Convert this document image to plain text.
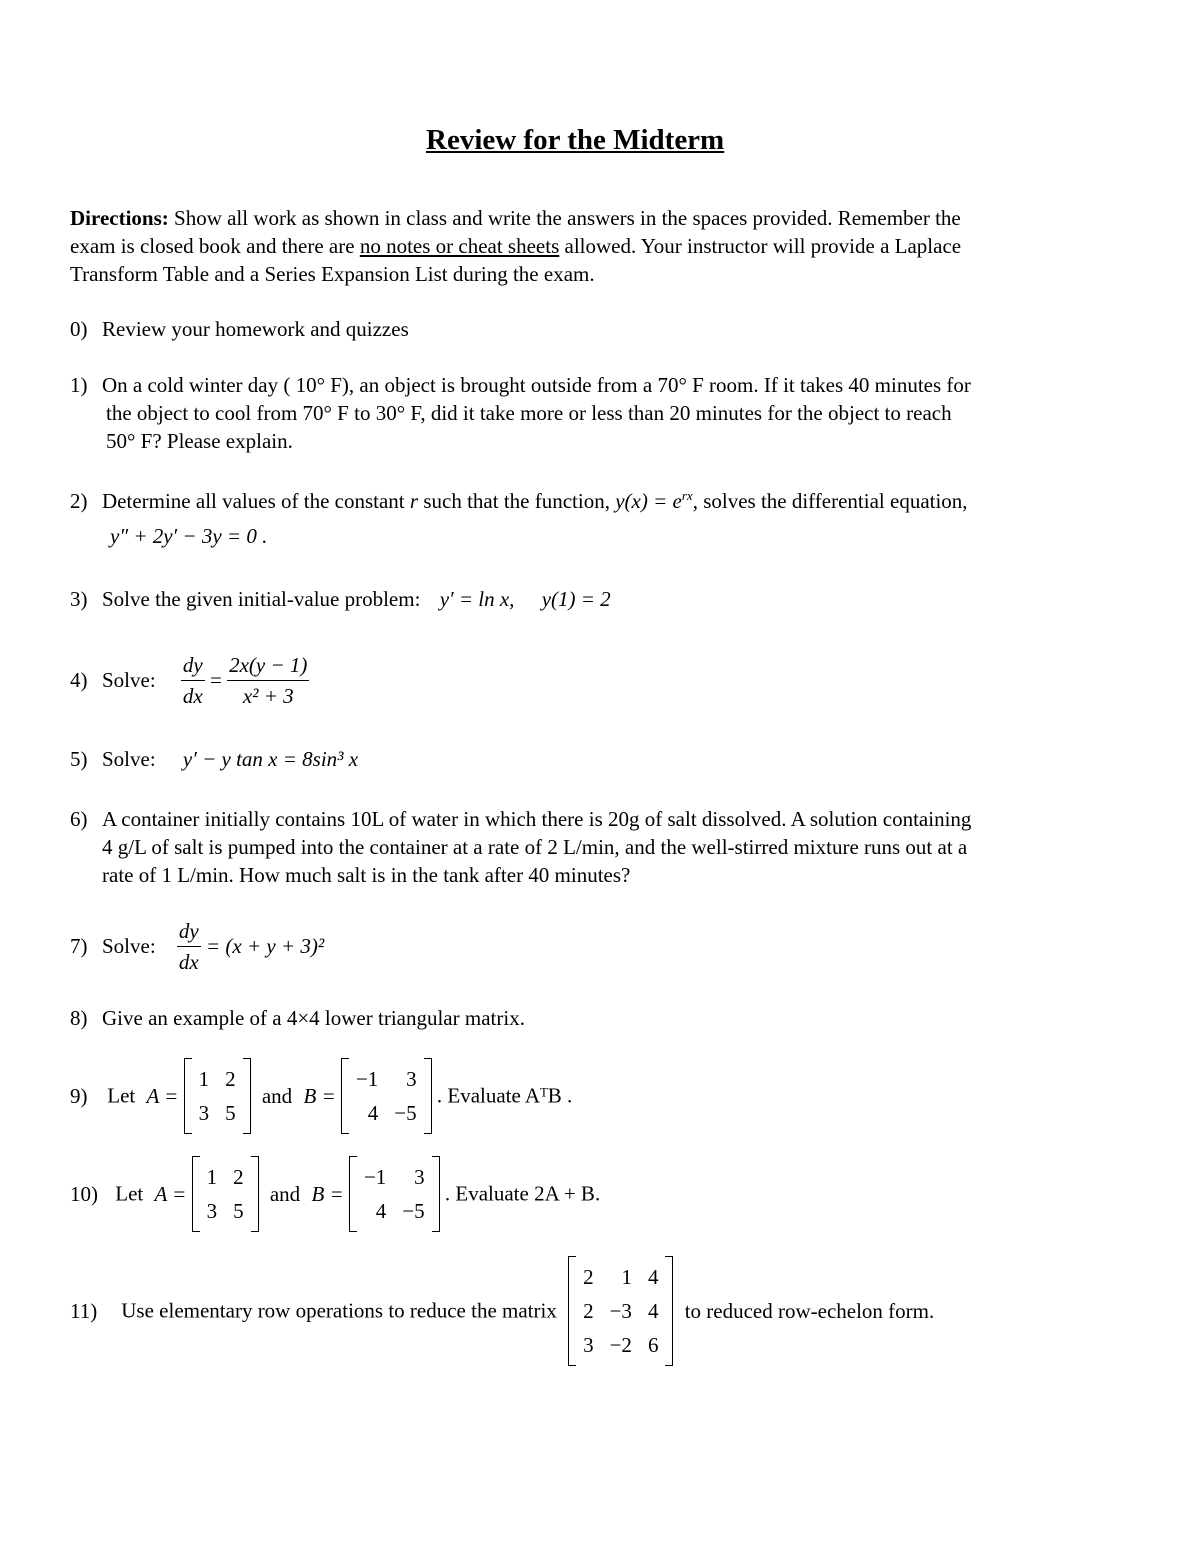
Review for the Midterm
Directions: Show all work as shown in class and write the answers in the spaces provided. Remember the
exam is closed book and there are no notes or cheat sheets allowed. Your instructor will provide a Laplace
Transform Table and a Series Expansion List during the exam.
0) Review your homework and quizzes
1) On a cold winter day ( 10° F), an object is brought outside from a 70° F room. If it takes 40 minutes for
the object to cool from 70° F to 30° F, did it take more or less than 20 minutes for the object to reach
50° F? Please explain.
2) Determine all values of the constant r such that the function, $y(x) = e^{rx}$, solves the differential equation,
y″ + 2y′ − 3y = 0 .
3) Solve the given initial-value problem: y′ = ln x, y(1) = 2
4) Solve: $\frac{dy}{dx} = \frac{2x(y - 1)}{\text{x² + 3}}$
5) Solve: y′ − y tan x = 8sin³ x
6) A container initially contains 10L of water in which there is 20g of salt dissolved. A solution containing
4 g/L of salt is pumped into the container at a rate of 2 L/min, and the well-stirred mixture runs out at a
rate of 1 L/min. How much salt is in the tank after 40 minutes?
7) Solve: $\frac{dy}{dx} = (x + y + 3)^2$
8) Give an example of a 4×4 lower triangular matrix.
9) Let A =
1	2
3	5
and B =
−1	3
4	−5
. Evaluate AᵀB .
10) Let A =
1	2
3	5
and B =
−1	3
4	−5
. Evaluate 2A + B.
11) Use elementary row operations to reduce the matrix
2	1	4
2	−3	4
3	−2	6
to reduced row-echelon form.
